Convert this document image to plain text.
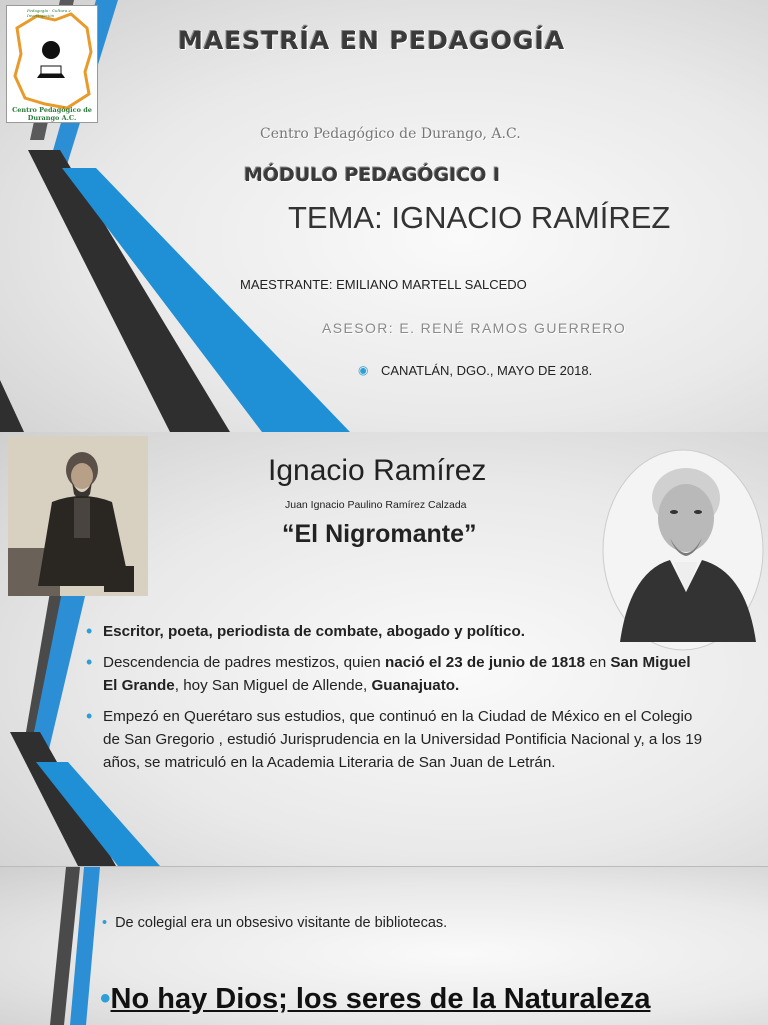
Pedagogía · Cultura e Investigación
Centro Pedagógico de Durango A.C.
MAESTRÍA EN PEDAGOGÍA
Centro Pedagógico de Durango, A.C.
MÓDULO PEDAGÓGICO I
TEMA: IGNACIO RAMÍREZ
MAESTRANTE: EMILIANO MARTELL SALCEDO
ASESOR: E. RENÉ RAMOS GUERRERO
◉ CANATLÁN, DGO., MAYO DE 2018.
Ignacio Ramírez
Juan Ignacio Paulino Ramírez Calzada
“El Nigromante”
• Escritor, poeta, periodista de combate, abogado y político.
• Descendencia de padres mestizos, quien nació el 23 de junio de 1818 en San Miguel El Grande, hoy San Miguel de Allende, Guanajuato.
• Empezó en Querétaro sus estudios, que continuó en la Ciudad de México en el Colegio de San Gregorio , estudió Jurisprudencia en la Universidad Pontificia Nacional y, a los 19 años, se matriculó en la Academia Literaria de San Juan de Letrán.
• De colegial era un obsesivo visitante de bibliotecas.
•No hay Dios; los seres de la Naturaleza
